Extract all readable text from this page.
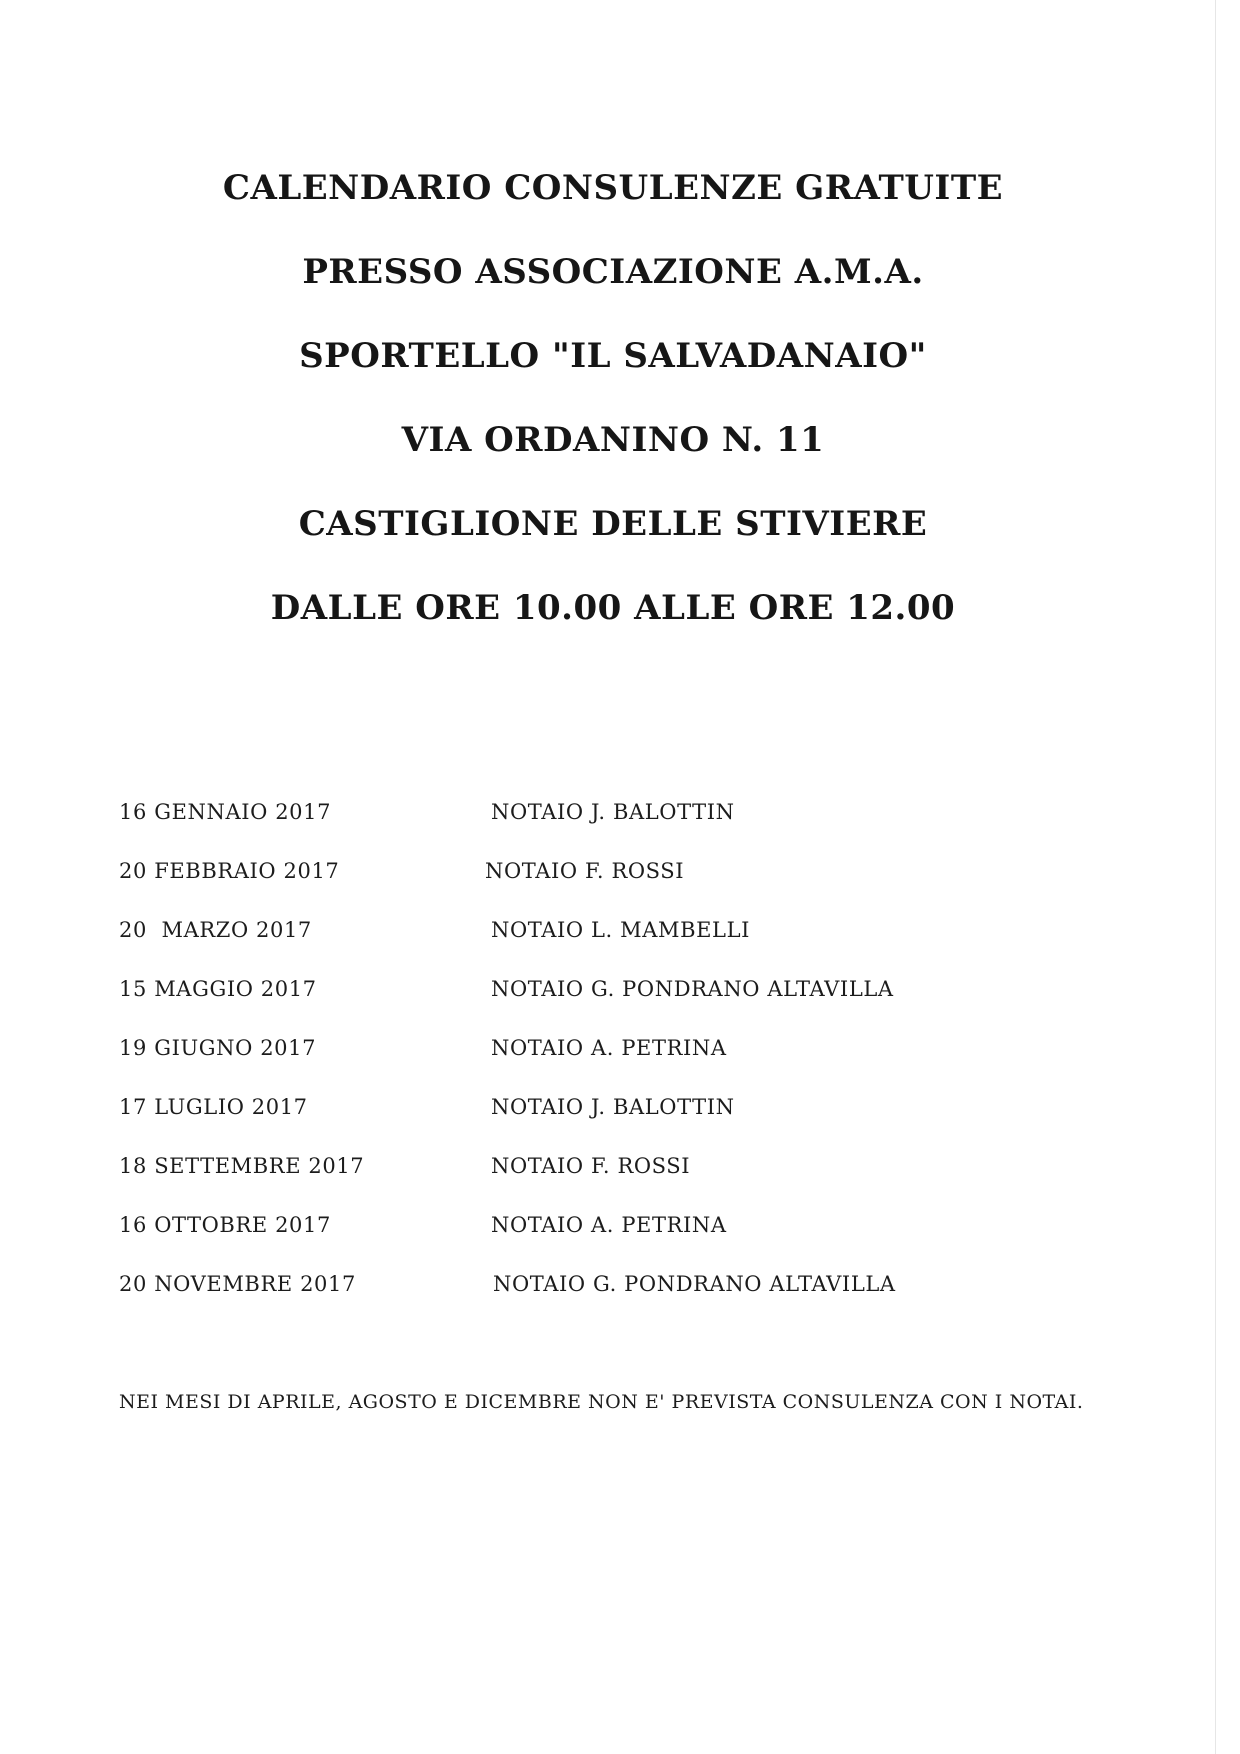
CALENDARIO CONSULENZE GRATUITE
PRESSO ASSOCIAZIONE A.M.A.
SPORTELLO "IL SALVADANAIO"
VIA ORDANINO N. 11
CASTIGLIONE DELLE STIVIERE
DALLE ORE 10.00 ALLE ORE 12.00
16 GENNAIO 2017	NOTAIO J. BALOTTIN
20 FEBBRAIO 2017	NOTAIO F. ROSSI
20  MARZO 2017	NOTAIO L. MAMBELLI
15 MAGGIO 2017	NOTAIO G. PONDRANO ALTAVILLA
19 GIUGNO 2017	NOTAIO A. PETRINA
17 LUGLIO 2017	NOTAIO J. BALOTTIN
18 SETTEMBRE 2017	NOTAIO F. ROSSI
16 OTTOBRE 2017	NOTAIO A. PETRINA
20 NOVEMBRE 2017	NOTAIO G. PONDRANO ALTAVILLA
NEI MESI DI APRILE, AGOSTO E DICEMBRE NON E' PREVISTA CONSULENZA CON I NOTAI.
